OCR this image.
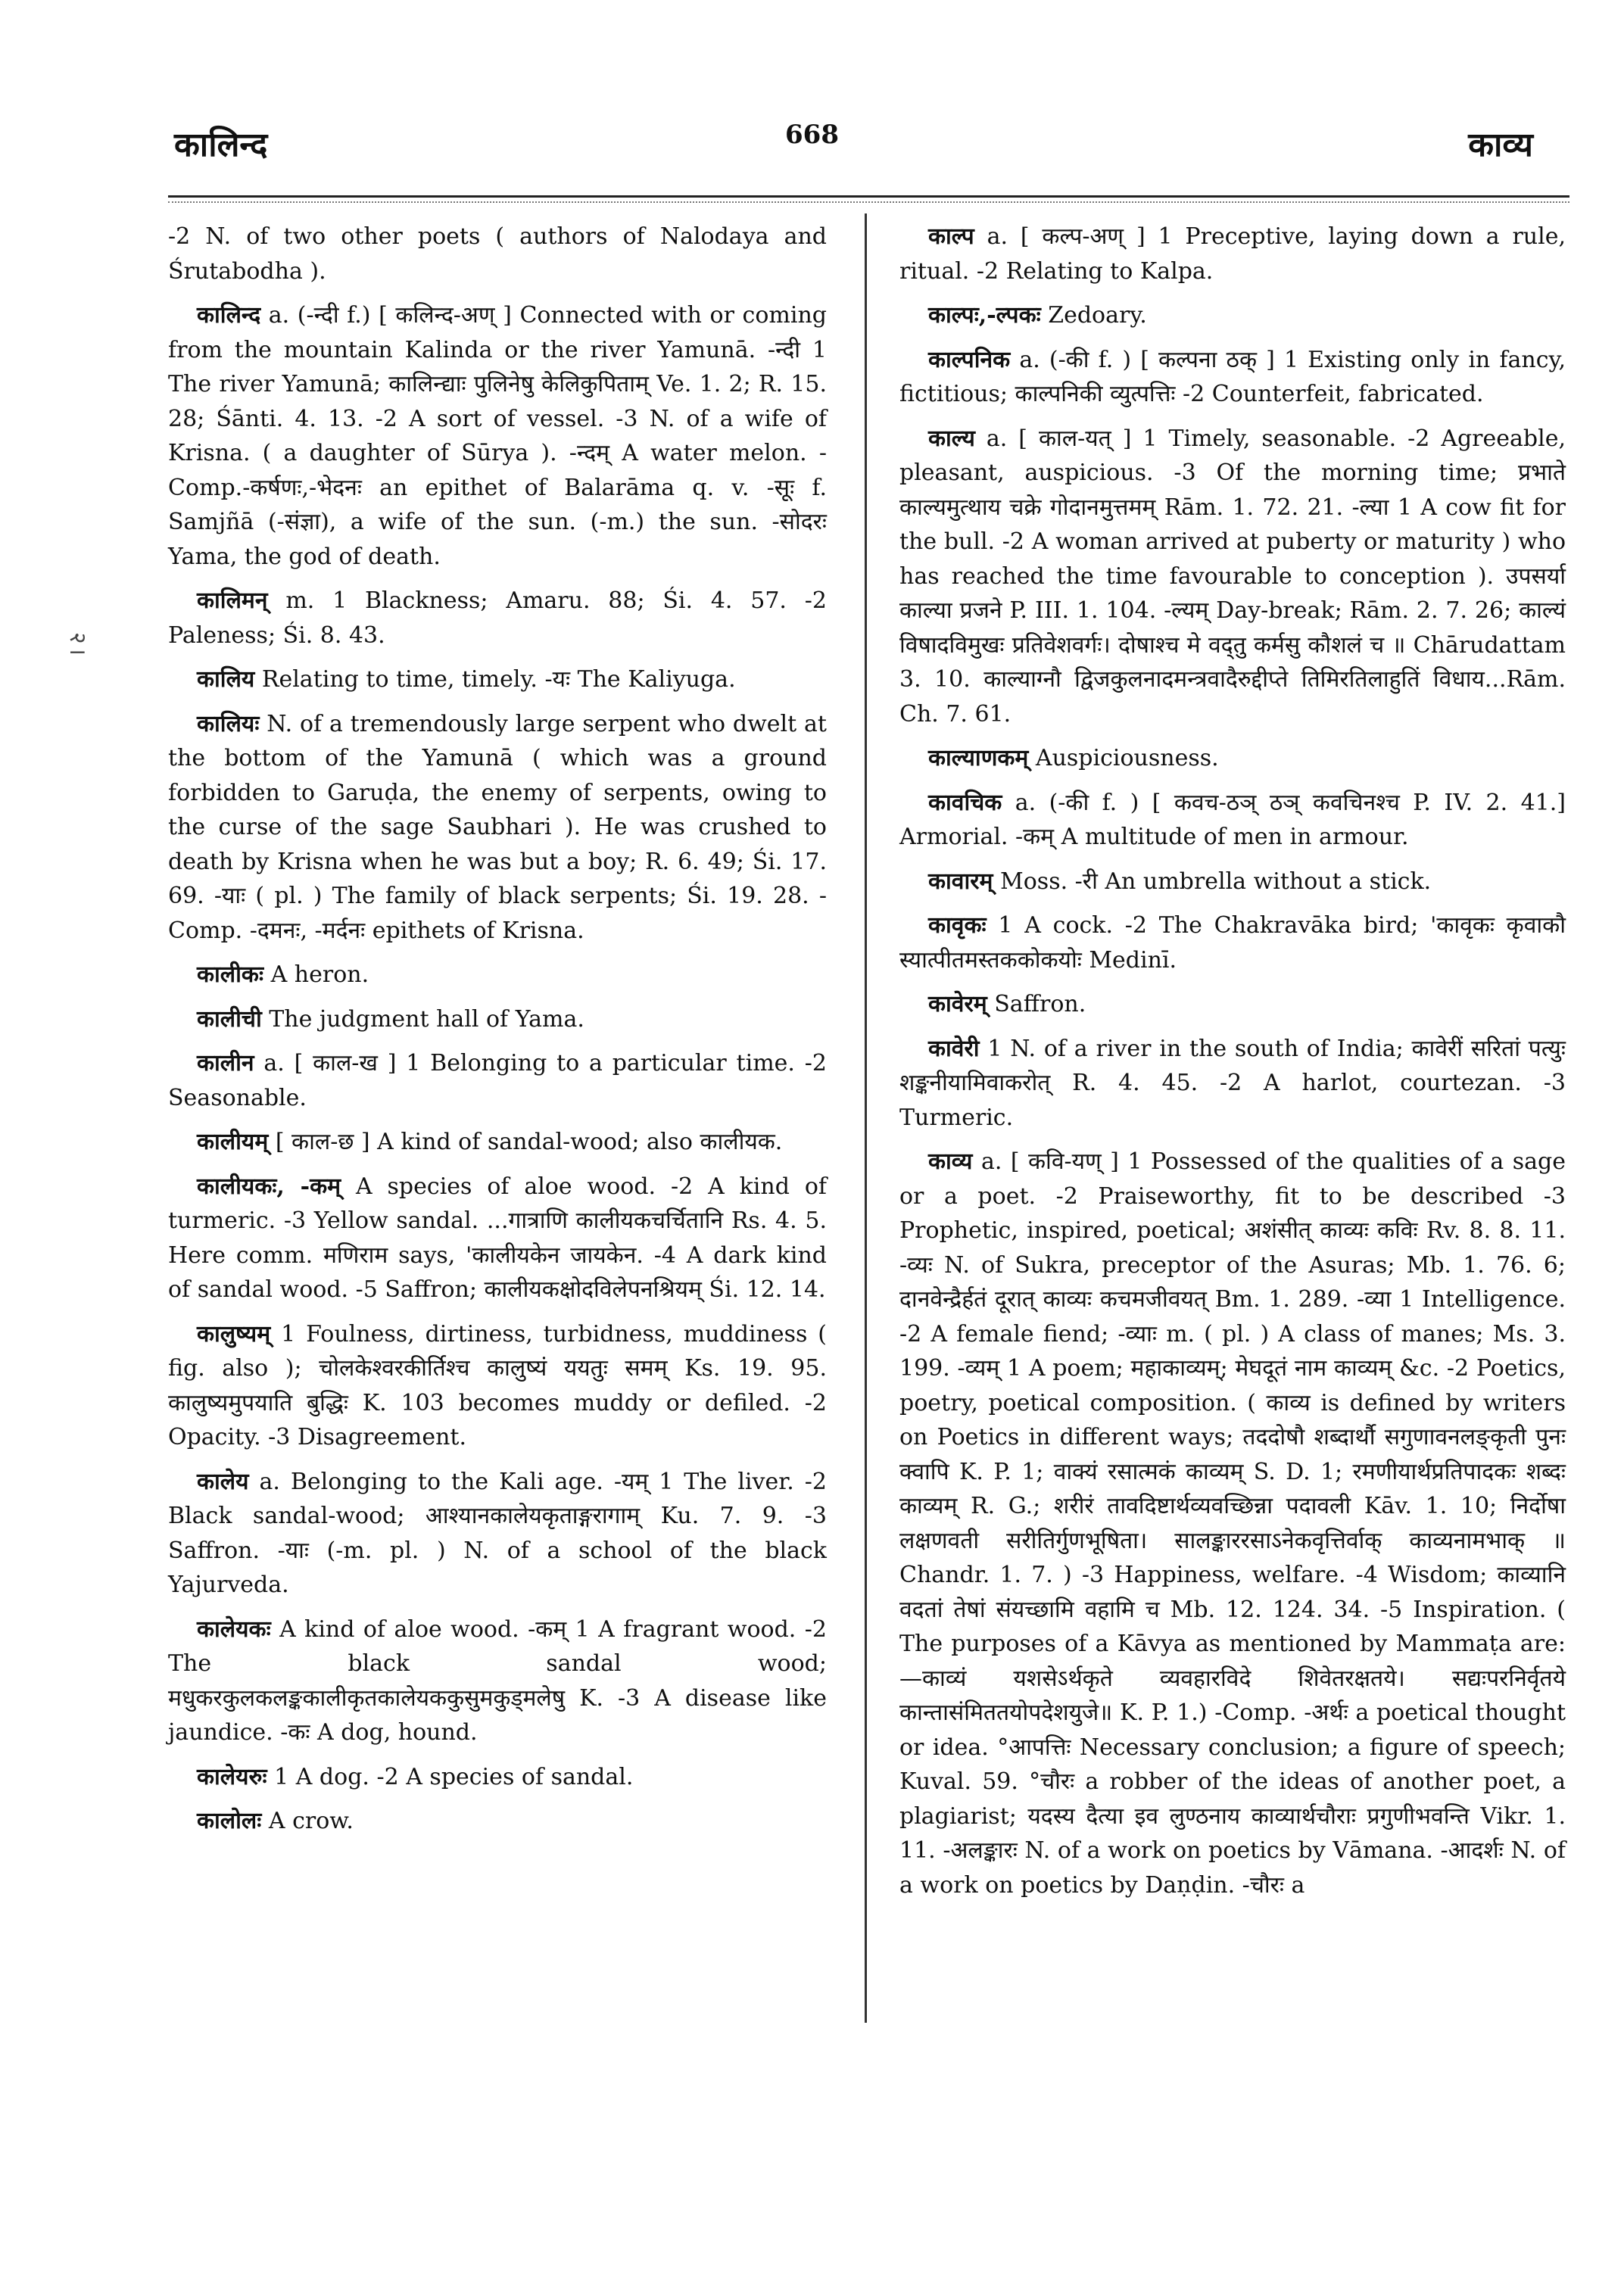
कालिन्द	668	काव्य
२।

-2 N. of two other poets ( authors of Nalodaya and Śrutabodha ).

कालिन्द a. (-न्दी f.) [ कलिन्द-अण् ] Connected with or coming from the mountain Kalinda or the river Yamunā. -न्दी 1 The river Yamunā; कालिन्द्याः पुलिनेषु केलिकुपिताम् Ve. 1. 2; R. 15. 28; Śānti. 4. 13. -2 A sort of vessel. -3 N. of a wife of Krisna. ( a daughter of Sūrya ). -न्दम् A water melon. -Comp.-कर्षणः,-भेदनः an epithet of Balarāma q. v. -सूः f. Samjñā (-संज्ञा), a wife of the sun. (-m.) the sun. -सोदरः Yama, the god of death.

कालिमन् m. 1 Blackness; Amaru. 88; Śi. 4. 57. -2 Paleness; Śi. 8. 43.

कालिय Relating to time, timely. -यः The Kaliyuga.

कालियः N. of a tremendously large serpent who dwelt at the bottom of the Yamunā ( which was a ground forbidden to Garuḍa, the enemy of serpents, owing to the curse of the sage Saubhari ). He was crushed to death by Krisna when he was but a boy; R. 6. 49; Śi. 17. 69. -याः ( pl. ) The family of black serpents; Śi. 19. 28. -Comp. -दमनः, -मर्दनः epithets of Krisna.

कालीकः A heron.

कालीची The judgment hall of Yama.

कालीन a. [ काल-ख ] 1 Belonging to a particular time. -2 Seasonable.

कालीयम् [ काल-छ ] A kind of sandal-wood; also कालीयक.

कालीयकः, -कम् A species of aloe wood. -2 A kind of turmeric. -3 Yellow sandal. ...गात्राणि कालीयकचर्चितानि Rs. 4. 5. Here comm. मणिराम says, 'कालीयकेन जायकेन. -4 A dark kind of sandal wood. -5 Saffron; कालीयकक्षोदविलेपनश्रियम् Śi. 12. 14.

कालुष्यम् 1 Foulness, dirtiness, turbidness, muddiness ( fig. also ); चोलकेश्वरकीर्तिश्च कालुष्यं ययतुः समम् Ks. 19. 95. कालुष्यमुपयाति बुद्धिः K. 103 becomes muddy or defiled. -2 Opacity. -3 Disagreement.

कालेय a. Belonging to the Kali age. -यम् 1 The liver. -2 Black sandal-wood; आश्यानकालेयकृताङ्गरागाम् Ku. 7. 9. -3 Saffron. -याः (-m. pl. ) N. of a school of the black Yajurveda.

कालेयकः A kind of aloe wood. -कम् 1 A fragrant wood. -2 The black sandal wood; मधुकरकुलकलङ्ककालीकृतकालेयककुसुमकुड्मलेषु K. -3 A disease like jaundice. -कः A dog, hound.

कालेयरुः 1 A dog. -2 A species of sandal.

कालोलः A crow.

काल्प a. [ कल्प-अण् ] 1 Preceptive, laying down a rule, ritual. -2 Relating to Kalpa.

काल्पः,-ल्पकः Zedoary.

काल्पनिक a. (-की f. ) [ कल्पना ठक् ] 1 Existing only in fancy, fictitious; काल्पनिकी व्युत्पत्तिः -2 Counterfeit, fabricated.

काल्य a. [ काल-यत् ] 1 Timely, seasonable. -2 Agreeable, pleasant, auspicious. -3 Of the morning time; प्रभाते काल्यमुत्थाय चक्रे गोदानमुत्तमम् Rām. 1. 72. 21. -ल्या 1 A cow fit for the bull. -2 A woman arrived at puberty or maturity ) who has reached the time favourable to conception ). उपसर्या काल्या प्रजने P. III. 1. 104. -ल्यम् Day-break; Rām. 2. 7. 26; काल्यं विषादविमुखः प्रतिवेशवर्गः। दोषाश्च मे वद्तु कर्मसु कौशलं च ॥ Chārudattam 3. 10. काल्याग्नौ द्विजकुलनादमन्त्रवादैरुद्दीप्ते तिमिरतिलाहुतिं विधाय...Rām. Ch. 7. 61.

काल्याणकम् Auspiciousness.

कावचिक a. (-की f. ) [ कवच-ठञ् ठञ् कवचिनश्च P. IV. 2. 41.] Armorial. -कम् A multitude of men in armour.

कावारम् Moss. -री An umbrella without a stick.

कावृकः 1 A cock. -2 The Chakravāka bird; 'कावृकः कृवाकौ स्यात्पीतमस्तककोकयोः Medinī.

कावेरम् Saffron.

कावेरी 1 N. of a river in the south of India; कावेरीं सरितां पत्युः शङ्कनीयामिवाकरोत् R. 4. 45. -2 A harlot, courtezan. -3 Turmeric.

काव्य a. [ कवि-यण् ] 1 Possessed of the qualities of a sage or a poet. -2 Praiseworthy, fit to be described -3 Prophetic, inspired, poetical; अशंसीत् काव्यः कविः Rv. 8. 8. 11. -व्यः N. of Sukra, preceptor of the Asuras; Mb. 1. 76. 6; दानवेन्द्रैर्हतं दूरात् काव्यः कचमजीवयत् Bm. 1. 289. -व्या 1 Intelligence. -2 A female fiend; -व्याः m. ( pl. ) A class of manes; Ms. 3. 199. -व्यम् 1 A poem; महाकाव्यम्; मेघदूतं नाम काव्यम् &c. -2 Poetics, poetry, poetical composition. ( काव्य is defined by writers on Poetics in different ways; तददोषौ शब्दार्थौ सगुणावनलङ्कृती पुनः क्वापि K. P. 1; वाक्यं रसात्मकं काव्यम् S. D. 1; रमणीयार्थप्रतिपादकः शब्दः काव्यम् R. G.; शरीरं तावदिष्टार्थव्यवच्छिन्ना पदावली Kāv. 1. 10; निर्दोषा लक्षणवती सरीतिर्गुणभूषिता। सालङ्काररसाऽनेकवृत्तिर्वाक् काव्यनामभाक् ॥ Chandr. 1. 7. ) -3 Happiness, welfare. -4 Wisdom; काव्यानि वदतां तेषां संयच्छामि वहामि च Mb. 12. 124. 34. -5 Inspiration. ( The purposes of a Kāvya as mentioned by Mammaṭa are:—काव्यं यशसेऽर्थकृते व्यवहारविदे शिवेतरक्षतये। सद्यःपरनिर्वृतये कान्तासंमिततयोपदेशयुजे॥ K. P. 1.) -Comp. -अर्थः a poetical thought or idea. °आपत्तिः Necessary conclusion; a figure of speech; Kuval. 59. °चौरः a robber of the ideas of another poet, a plagiarist; यदस्य दैत्या इव लुण्ठनाय काव्यार्थचौराः प्रगुणीभवन्ति Vikr. 1. 11. -अलङ्कारः N. of a work on poetics by Vāmana. -आदर्शः N. of a work on poetics by Daṇḍin. -चौरः a
